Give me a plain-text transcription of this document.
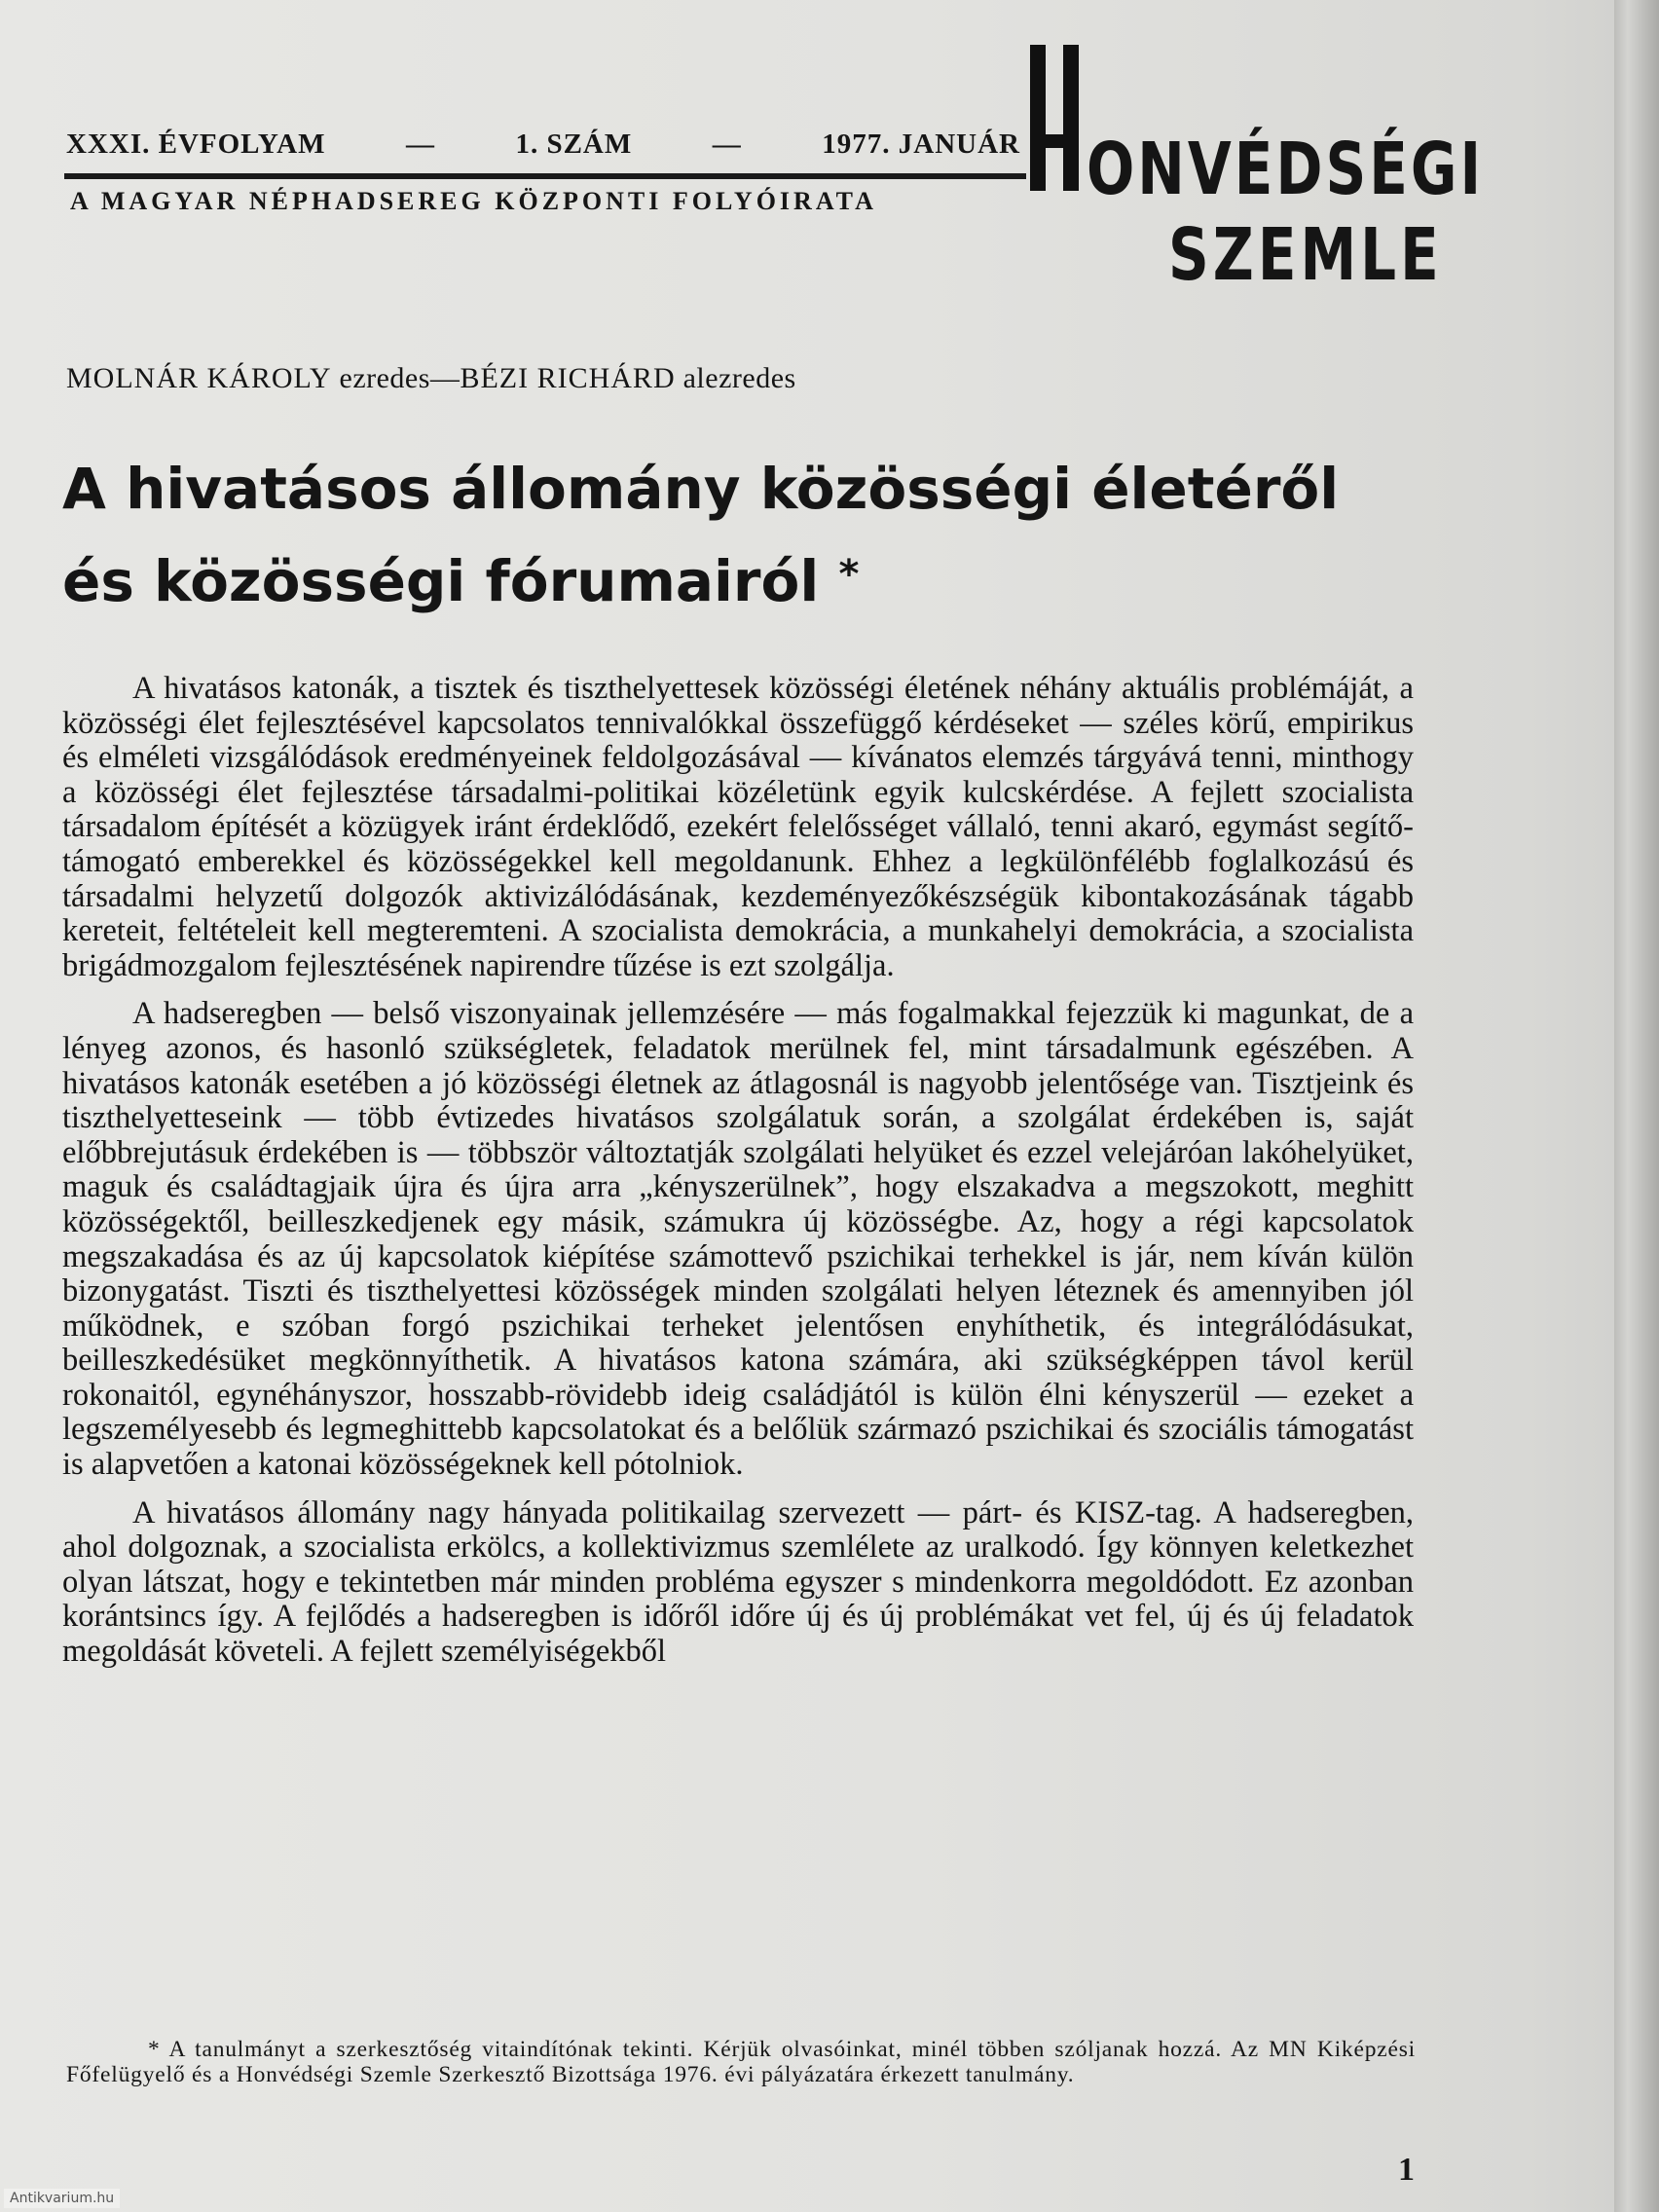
XXXI. ÉVFOLYAM	—	1. SZÁM	—	1977. JANUÁR
A MAGYAR NÉPHADSEREG KÖZPONTI FOLYÓIRATA	ONVÉDSÉGI
SZEMLE
MOLNÁR KÁROLY ezredes—BÉZI RICHÁRD alezredes
A hivatásos állomány közösségi életéről
és közösségi fórumairól *

A hivatásos katonák, a tisztek és tiszthelyettesek közösségi életének néhány aktuális problémáját, a közösségi élet fejlesztésével kapcsolatos tennivalókkal összefüggő kérdéseket — széles körű, empirikus és elméleti vizsgálódások eredményeinek feldolgozásával — kívánatos elemzés tárgyává tenni, minthogy a közösségi élet fejlesztése társadalmi-politikai közéletünk egyik kulcskérdése. A fejlett szocialista társadalom építését a közügyek iránt érdeklődő, ezekért felelősséget vállaló, tenni akaró, egymást segítő-támogató emberekkel és közösségekkel kell megoldanunk. Ehhez a legkülönfélébb foglalkozású és társadalmi helyzetű dolgozók aktivizálódásának, kezdeményezőkészségük kibontakozásának tágabb kereteit, feltételeit kell megteremteni. A szocialista demokrácia, a munkahelyi demokrácia, a szocialista brigádmozgalom fejlesztésének napirendre tűzése is ezt szolgálja.

A hadseregben — belső viszonyainak jellemzésére — más fogalmakkal fejezzük ki magunkat, de a lényeg azonos, és hasonló szükségletek, feladatok merülnek fel, mint társadalmunk egészében. A hivatásos katonák esetében a jó közösségi életnek az átlagosnál is nagyobb jelentősége van. Tisztjeink és tiszthelyetteseink — több évtizedes hivatásos szolgálatuk során, a szolgálat érdekében is, saját előbbrejutásuk érdekében is — többször változtatják szolgálati helyüket és ezzel velejáróan lakóhelyüket, maguk és családtagjaik újra és újra arra „kényszerülnek”, hogy elszakadva a megszokott, meghitt közösségektől, beilleszkedjenek egy másik, számukra új közösségbe. Az, hogy a régi kapcsolatok megszakadása és az új kapcsolatok kiépítése számottevő pszichikai terhekkel is jár, nem kíván külön bizonygatást. Tiszti és tiszthelyettesi közösségek minden szolgálati helyen léteznek és amennyiben jól működnek, e szóban forgó pszichikai terheket jelentősen enyhíthetik, és integrálódásukat, beilleszkedésüket megkönnyíthetik. A hivatásos katona számára, aki szükségképpen távol kerül rokonaitól, egynéhányszor, hosszabb-rövidebb ideig családjától is külön élni kényszerül — ezeket a legszemélyesebb és legmeghittebb kapcsolatokat és a belőlük származó pszichikai és szociális támogatást is alapvetően a katonai közösségeknek kell pótolniok.

A hivatásos állomány nagy hányada politikailag szervezett — párt- és KISZ-tag. A hadseregben, ahol dolgoznak, a szocialista erkölcs, a kollektivizmus szemlélete az uralkodó. Így könnyen keletkezhet olyan látszat, hogy e tekintetben már minden probléma egyszer s mindenkorra megoldódott. Ez azonban korántsincs így. A fejlődés a hadseregben is időről időre új és új problémákat vet fel, új és új feladatok megoldását követeli. A fejlett személyiségekből

* A tanulmányt a szerkesztőség vitaindítónak tekinti. Kérjük olvasóinkat, minél többen szóljanak hozzá. Az MN Kiképzési Főfelügyelő és a Honvédségi Szemle Szerkesztő Bizottsága 1976. évi pályázatára érkezett tanulmány.

1
Antikvarium.hu
